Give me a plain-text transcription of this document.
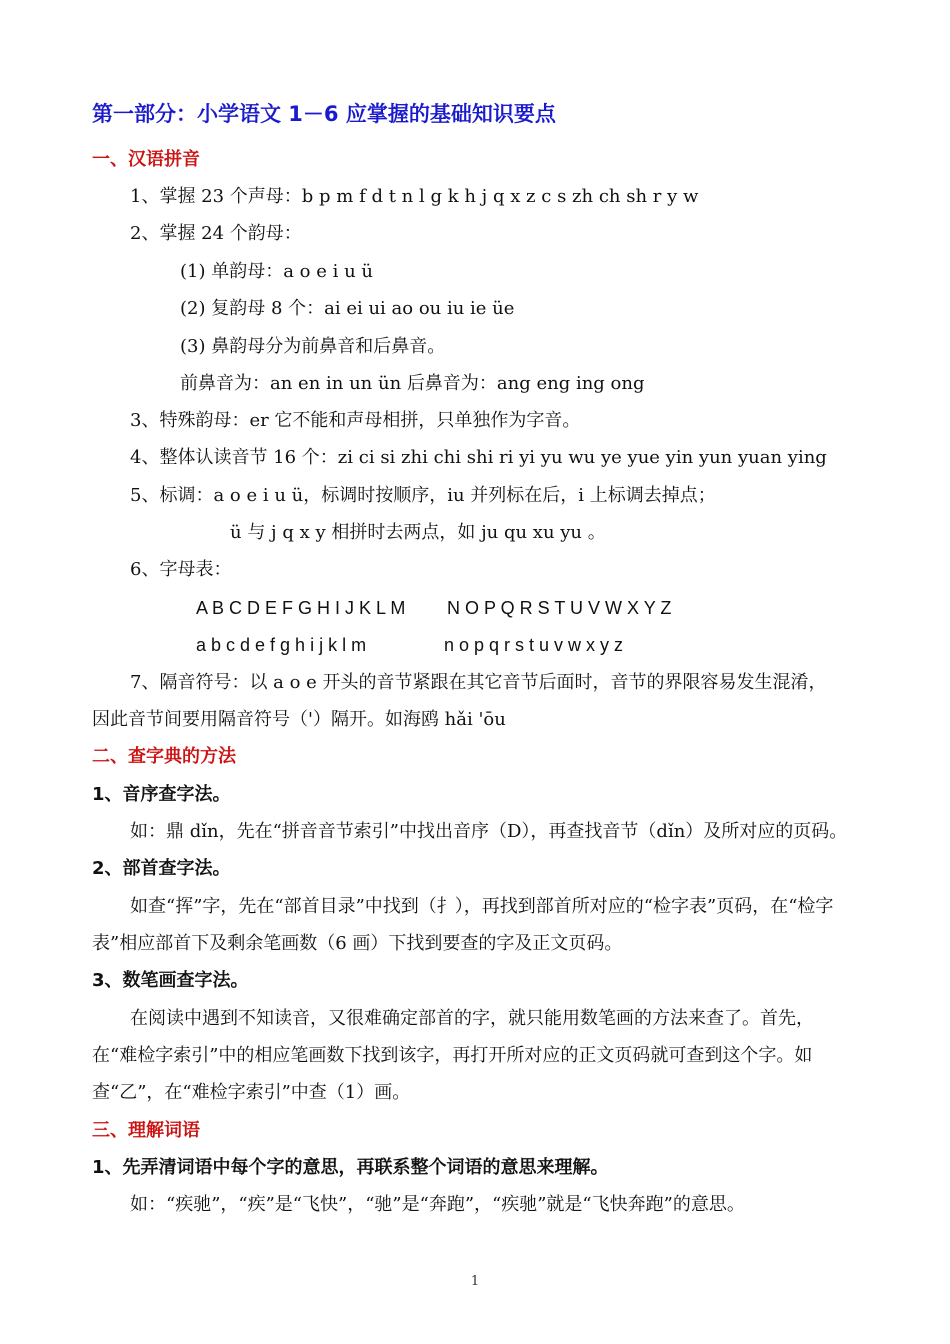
第一部分：小学语文 1－6 应掌握的基础知识要点
一、汉语拼音
1、掌握 23 个声母：b p m f d t n l g k h j q x z c s zh ch sh r y w
2、掌握 24 个韵母：
(1) 单韵母：a o e i u ü
(2) 复韵母 8 个：ai ei ui ao ou iu ie üe
(3) 鼻韵母分为前鼻音和后鼻音。
前鼻音为：an en in un ün 后鼻音为：ang eng ing ong
3、特殊韵母：er 它不能和声母相拼，只单独作为字音。
4、整体认读音节 16 个：zi ci si zhi chi shi ri yi yu wu ye yue yin yun yuan ying
5、标调：a o e i u ü，标调时按顺序，iu 并列标在后，i 上标调去掉点；
ü 与 j q x y 相拼时去两点，如 ju qu xu yu 。
6、字母表：
A B C D E F G H I J K L M N O P Q R S T U V W X Y Z
a b c d e f g h i j k l m	n o p q r s t u v w x y z
7、隔音符号：以 a o e 开头的音节紧跟在其它音节后面时，音节的界限容易发生混淆，
因此音节间要用隔音符号（'）隔开。如海鸥 hǎi 'ōu
二、查字典的方法
1、音序查字法。
如：鼎 dǐn，先在“拼音音节索引”中找出音序（D），再查找音节（dǐn）及所对应的页码。
2、部首查字法。
如查“挥”字，先在“部首目录”中找到（扌），再找到部首所对应的“检字表”页码，在“检字
表”相应部首下及剩余笔画数（6 画）下找到要查的字及正文页码。
3、数笔画查字法。
在阅读中遇到不知读音，又很难确定部首的字，就只能用数笔画的方法来查了。首先，
在“难检字索引”中的相应笔画数下找到该字，再打开所对应的正文页码就可查到这个字。如
查“乙”，在“难检字索引”中查（1）画。
三、理解词语
1、先弄清词语中每个字的意思，再联系整个词语的意思来理解。
如：“疾驰”，“疾”是“飞快”，“驰”是“奔跑”，“疾驰”就是“飞快奔跑”的意思。
1
